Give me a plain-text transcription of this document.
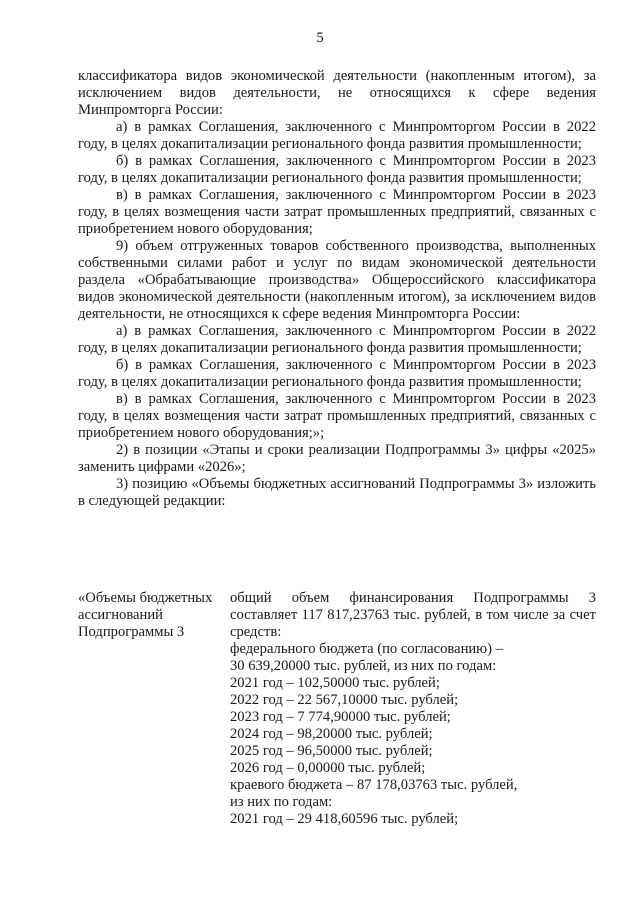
5

классификатора видов экономической деятельности (накопленным итогом), за исключением видов деятельности, не относящихся к сфере ведения Минпромторга России:

а) в рамках Соглашения, заключенного с Минпромторгом России в 2022 году, в целях докапитализации регионального фонда развития промышленности;

б) в рамках Соглашения, заключенного с Минпромторгом России в 2023 году, в целях докапитализации регионального фонда развития промышленности;

в) в рамках Соглашения, заключенного с Минпромторгом России в 2023 году, в целях возмещения части затрат промышленных предприятий, связанных с приобретением нового оборудования;

9) объем отгруженных товаров собственного производства, выполненных собственными силами работ и услуг по видам экономической деятельности раздела «Обрабатывающие производства» Общероссийского классификатора видов экономической деятельности (накопленным итогом), за исключением видов деятельности, не относящихся к сфере ведения Минпромторга России:

а) в рамках Соглашения, заключенного с Минпромторгом России в 2022 году, в целях докапитализации регионального фонда развития промышленности;

б) в рамках Соглашения, заключенного с Минпромторгом России в 2023 году, в целях докапитализации регионального фонда развития промышленности;

в) в рамках Соглашения, заключенного с Минпромторгом России в 2023 году, в целях возмещения части затрат промышленных предприятий, связанных с приобретением нового оборудования;»;

2) в позиции «Этапы и сроки реализации Подпрограммы 3» цифры «2025» заменить цифрами «2026»;

3) позицию «Объемы бюджетных ассигнований Подпрограммы 3» изложить в следующей редакции:

«Объемы бюджетных
ассигнований
Подпрограммы 3

общий объем финансирования Подпрограммы 3 составляет 117 817,23763 тыс. рублей, в том числе за счет средств:

федерального бюджета (по согласованию) –
30 639,20000 тыс. рублей, из них по годам:
2021 год – 102,50000 тыс. рублей;
2022 год – 22 567,10000 тыс. рублей;
2023 год – 7 774,90000 тыс. рублей;
2024 год – 98,20000 тыс. рублей;
2025 год – 96,50000 тыс. рублей;
2026 год – 0,00000 тыс. рублей;
краевого бюджета – 87 178,03763 тыс. рублей,
из них по годам:
2021 год – 29 418,60596 тыс. рублей;
